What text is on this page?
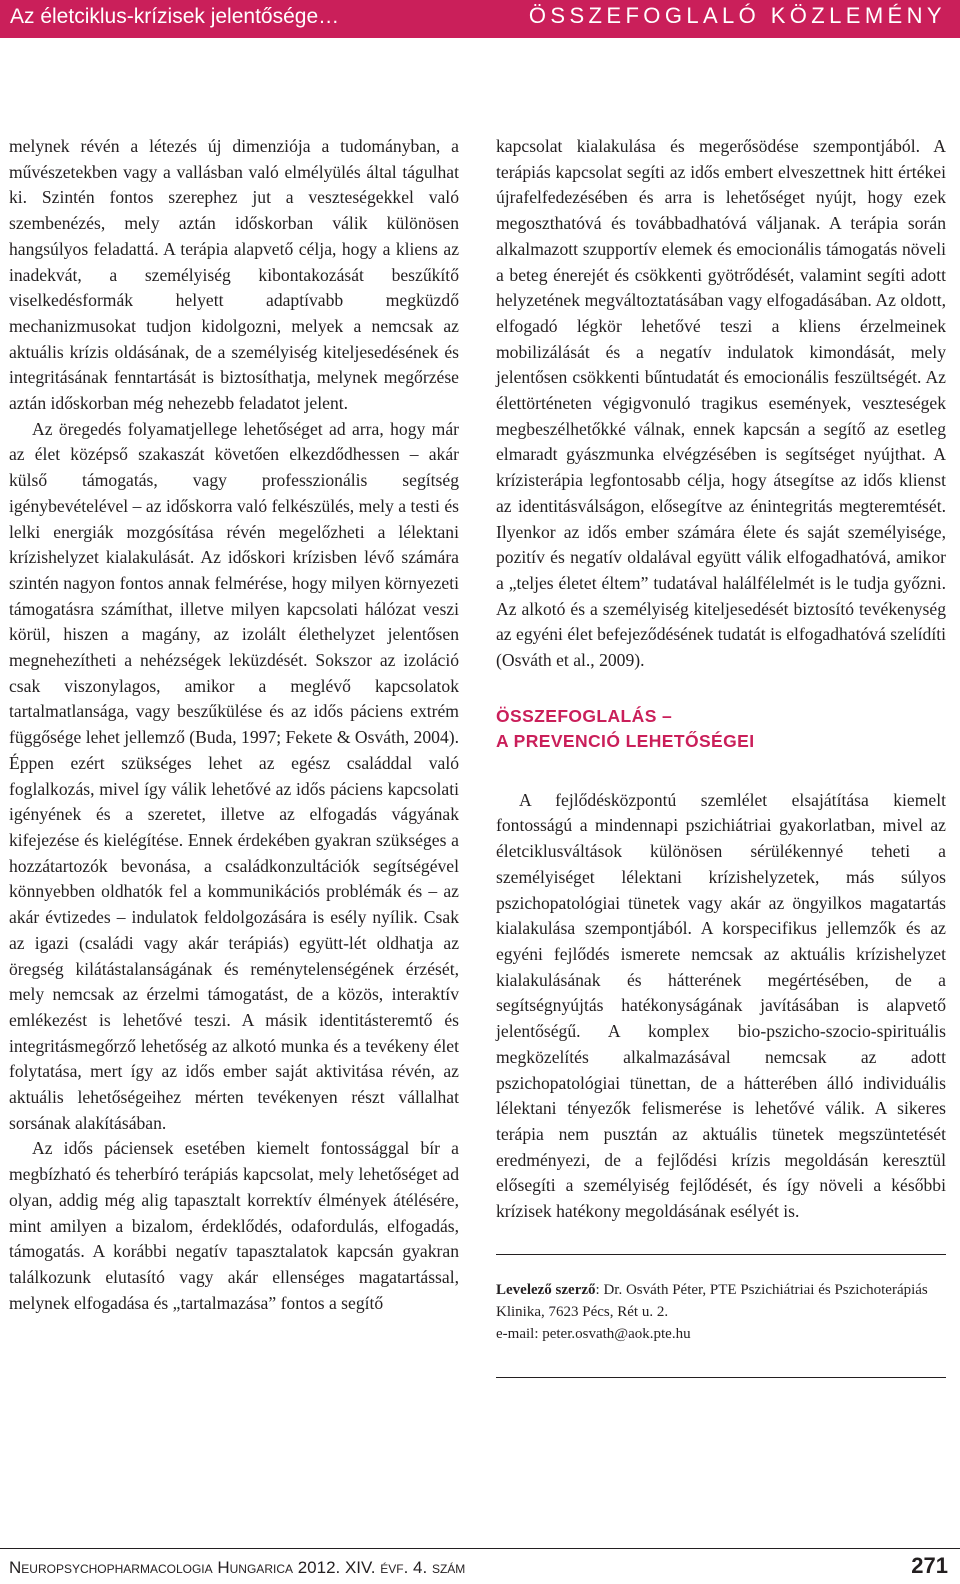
Az életciklus-krízisek jelentősége…	ÖSSZEFOGLALÓ KÖZLEMÉNY

melynek révén a létezés új dimenziója a tudományban, a művészetekben vagy a vallásban való elmélyülés által tágulhat ki. Szintén fontos szerephez jut a veszteségekkel való szembenézés, mely aztán időskorban válik különösen hangsúlyos feladattá. A terápia alapvető célja, hogy a kliens az inadekvát, a személyiség kibontakozását beszűkítő viselkedésformák helyett adaptívabb megküzdő mechanizmusokat tudjon kidolgozni, melyek a nemcsak az aktuális krízis oldásának, de a személyiség kiteljesedésének és integritásának fenntartását is biztosíthatja, melynek megőrzése aztán időskorban még nehezebb feladatot jelent.

Az öregedés folyamatjellege lehetőséget ad arra, hogy már az élet középső szakaszát követően elkezdődhessen – akár külső támogatás, vagy professzionális segítség igénybevételével – az időskorra való felkészülés, mely a testi és lelki energiák mozgósítása révén megelőzheti a lélektani krízishelyzet kialakulását. Az időskori krízisben lévő számára szintén nagyon fontos annak felmérése, hogy milyen környezeti támogatásra számíthat, illetve milyen kapcsolati hálózat veszi körül, hiszen a magány, az izolált élethelyzet jelentősen megnehezítheti a nehézségek leküzdését. Sokszor az izoláció csak viszonylagos, amikor a meglévő kapcsolatok tartalmatlansága, vagy beszűkülése és az idős páciens extrém függősége lehet jellemző (Buda, 1997; Fekete & Osváth, 2004). Éppen ezért szükséges lehet az egész családdal való foglalkozás, mivel így válik lehetővé az idős páciens kapcsolati igényének és a szeretet, illetve az elfogadás vágyának kifejezése és kielégítése. Ennek érdekében gyakran szükséges a hozzátartozók bevonása, a családkonzultációk segítségével könnyebben oldhatók fel a kommunikációs problémák és – az akár évtizedes – indulatok feldolgozására is esély nyílik. Csak az igazi (családi vagy akár terápiás) együtt-lét oldhatja az öregség kilátástalanságának és reménytelenségének érzését, mely nemcsak az érzelmi támogatást, de a közös, interaktív emlékezést is lehetővé teszi. A másik identitásteremtő és integritásmegőrző lehetőség az alkotó munka és a tevékeny élet folytatása, mert így az idős ember saját aktivitása révén, az aktuális lehetőségeihez mérten tevékenyen részt vállalhat sorsának alakításában.

Az idős páciensek esetében kiemelt fontossággal bír a megbízható és teherbíró terápiás kapcsolat, mely lehetőséget ad olyan, addig még alig tapasztalt korrektív élmények átélésére, mint amilyen a bizalom, érdeklődés, odafordulás, elfogadás, támogatás. A korábbi negatív tapasztalatok kapcsán gyakran találkozunk elutasító vagy akár ellenséges magatartással, melynek elfogadása és „tartalmazása” fontos a segítő

kapcsolat kialakulása és megerősödése szempontjából. A terápiás kapcsolat segíti az idős embert elveszettnek hitt értékei újrafelfedezésében és arra is lehetőséget nyújt, hogy ezek megoszthatóvá és továbbadhatóvá váljanak. A terápia során alkalmazott szupportív elemek és emocionális támogatás növeli a beteg énerejét és csökkenti gyötrődését, valamint segíti adott helyzetének megváltoztatásában vagy elfogadásában. Az oldott, elfogadó légkör lehetővé teszi a kliens érzelmeinek mobilizálását és a negatív indulatok kimondását, mely jelentősen csökkenti bűntudatát és emocionális feszültségét. Az élettörténeten végigvonuló tragikus események, veszteségek megbeszélhetőkké válnak, ennek kapcsán a segítő az esetleg elmaradt gyászmunka elvégzésében is segítséget nyújthat. A krízisterápia legfontosabb célja, hogy átsegítse az idős klienst az identitásválságon, elősegítve az énintegritás megteremtését. Ilyenkor az idős ember számára élete és saját személyisége, pozitív és negatív oldalával együtt válik elfogadhatóvá, amikor a „teljes életet éltem” tudatával halálfélelmét is le tudja győzni. Az alkotó és a személyiség kiteljesedését biztosító tevékenység az egyéni élet befejeződésének tudatát is elfogadhatóvá szelídíti (Osváth et al., 2009).

ÖSSZEFOGLALÁS –
A PREVENCIÓ LEHETŐSÉGEI

A fejlődésközpontú szemlélet elsajátítása kiemelt fontosságú a mindennapi pszichiátriai gyakorlatban, mivel az életciklusváltások különösen sérülékennyé teheti a személyiséget lélektani krízishelyzetek, más súlyos pszichopatológiai tünetek vagy akár az öngyilkos magatartás kialakulása szempontjából. A korspecifikus jellemzők és az egyéni fejlődés ismerete nemcsak az aktuális krízishelyzet kialakulásának és hátterének megértésében, de a segítségnyújtás hatékonyságának javításában is alapvető jelentőségű. A komplex bio-pszicho-szocio-spirituális megközelítés alkalmazásával nemcsak az adott pszichopatológiai tünettan, de a hátterében álló individuális lélektani tényezők felismerése is lehetővé válik. A sikeres terápia nem pusztán az aktuális tünetek megszüntetését eredményezi, de a fejlődési krízis megoldásán keresztül elősegíti a személyiség fejlődését, és így növeli a későbbi krízisek hatékony megoldásának esélyét is.

Levelező szerző: Dr. Osváth Péter, PTE Pszichiátriai és Pszichoterápiás Klinika, 7623 Pécs, Rét u. 2.
e-mail: peter.osvath@aok.pte.hu
Neuropsychopharmacologia Hungarica 2012. XIV. évf. 4. szám	271
